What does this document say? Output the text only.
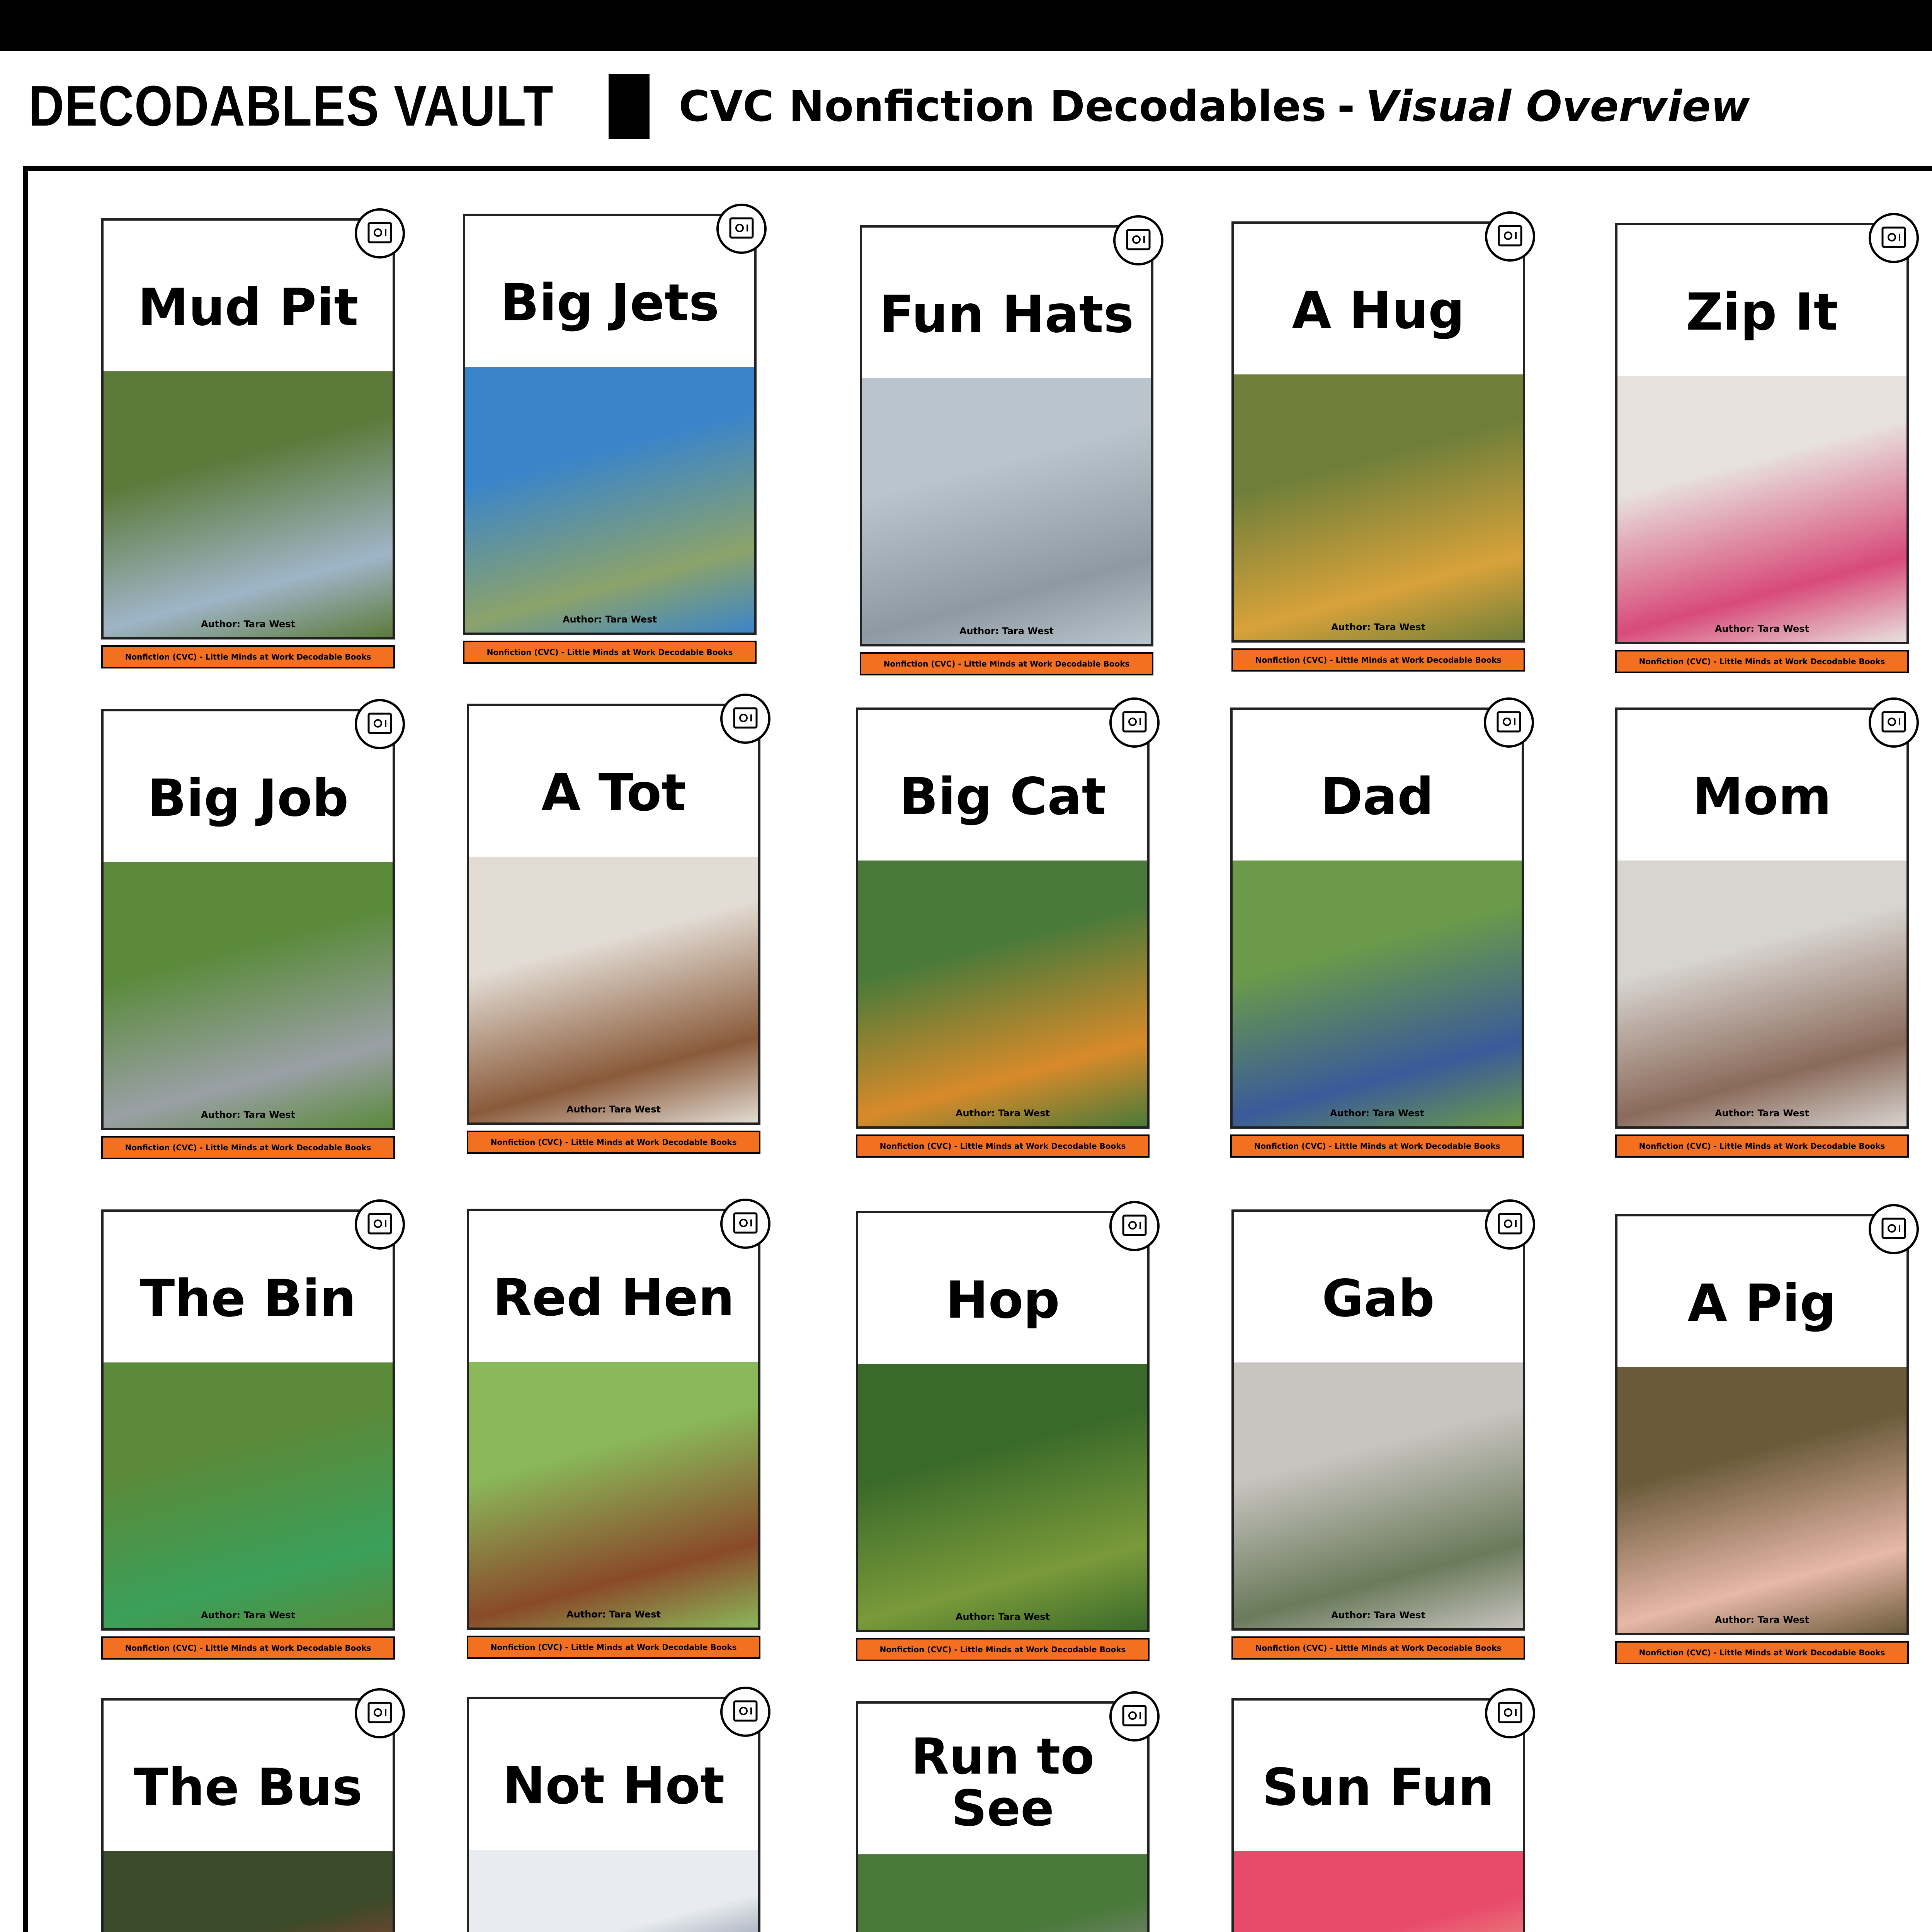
DECODABLES VAULT	CVC Nonfiction Decodables - Visual Overview
Mud Pit
Author: Tara West
Nonfiction (CVC) - Little Minds at Work Decodable Books
Big Jets
Author: Tara West
Nonfiction (CVC) - Little Minds at Work Decodable Books
Fun Hats
Author: Tara West
Nonfiction (CVC) - Little Minds at Work Decodable Books
A Hug
Author: Tara West
Nonfiction (CVC) - Little Minds at Work Decodable Books
Zip It
Author: Tara West
Nonfiction (CVC) - Little Minds at Work Decodable Books
Big Job
Author: Tara West
Nonfiction (CVC) - Little Minds at Work Decodable Books
A Tot
Author: Tara West
Nonfiction (CVC) - Little Minds at Work Decodable Books
Big Cat
Author: Tara West
Nonfiction (CVC) - Little Minds at Work Decodable Books
Dad
Author: Tara West
Nonfiction (CVC) - Little Minds at Work Decodable Books
Mom
Author: Tara West
Nonfiction (CVC) - Little Minds at Work Decodable Books
The Bin
Author: Tara West
Nonfiction (CVC) - Little Minds at Work Decodable Books
Red Hen
Author: Tara West
Nonfiction (CVC) - Little Minds at Work Decodable Books
Hop
Author: Tara West
Nonfiction (CVC) - Little Minds at Work Decodable Books
Gab
Author: Tara West
Nonfiction (CVC) - Little Minds at Work Decodable Books
A Pig
Author: Tara West
Nonfiction (CVC) - Little Minds at Work Decodable Books
The Bus	Not Hot	Run to See	Sun Fun
